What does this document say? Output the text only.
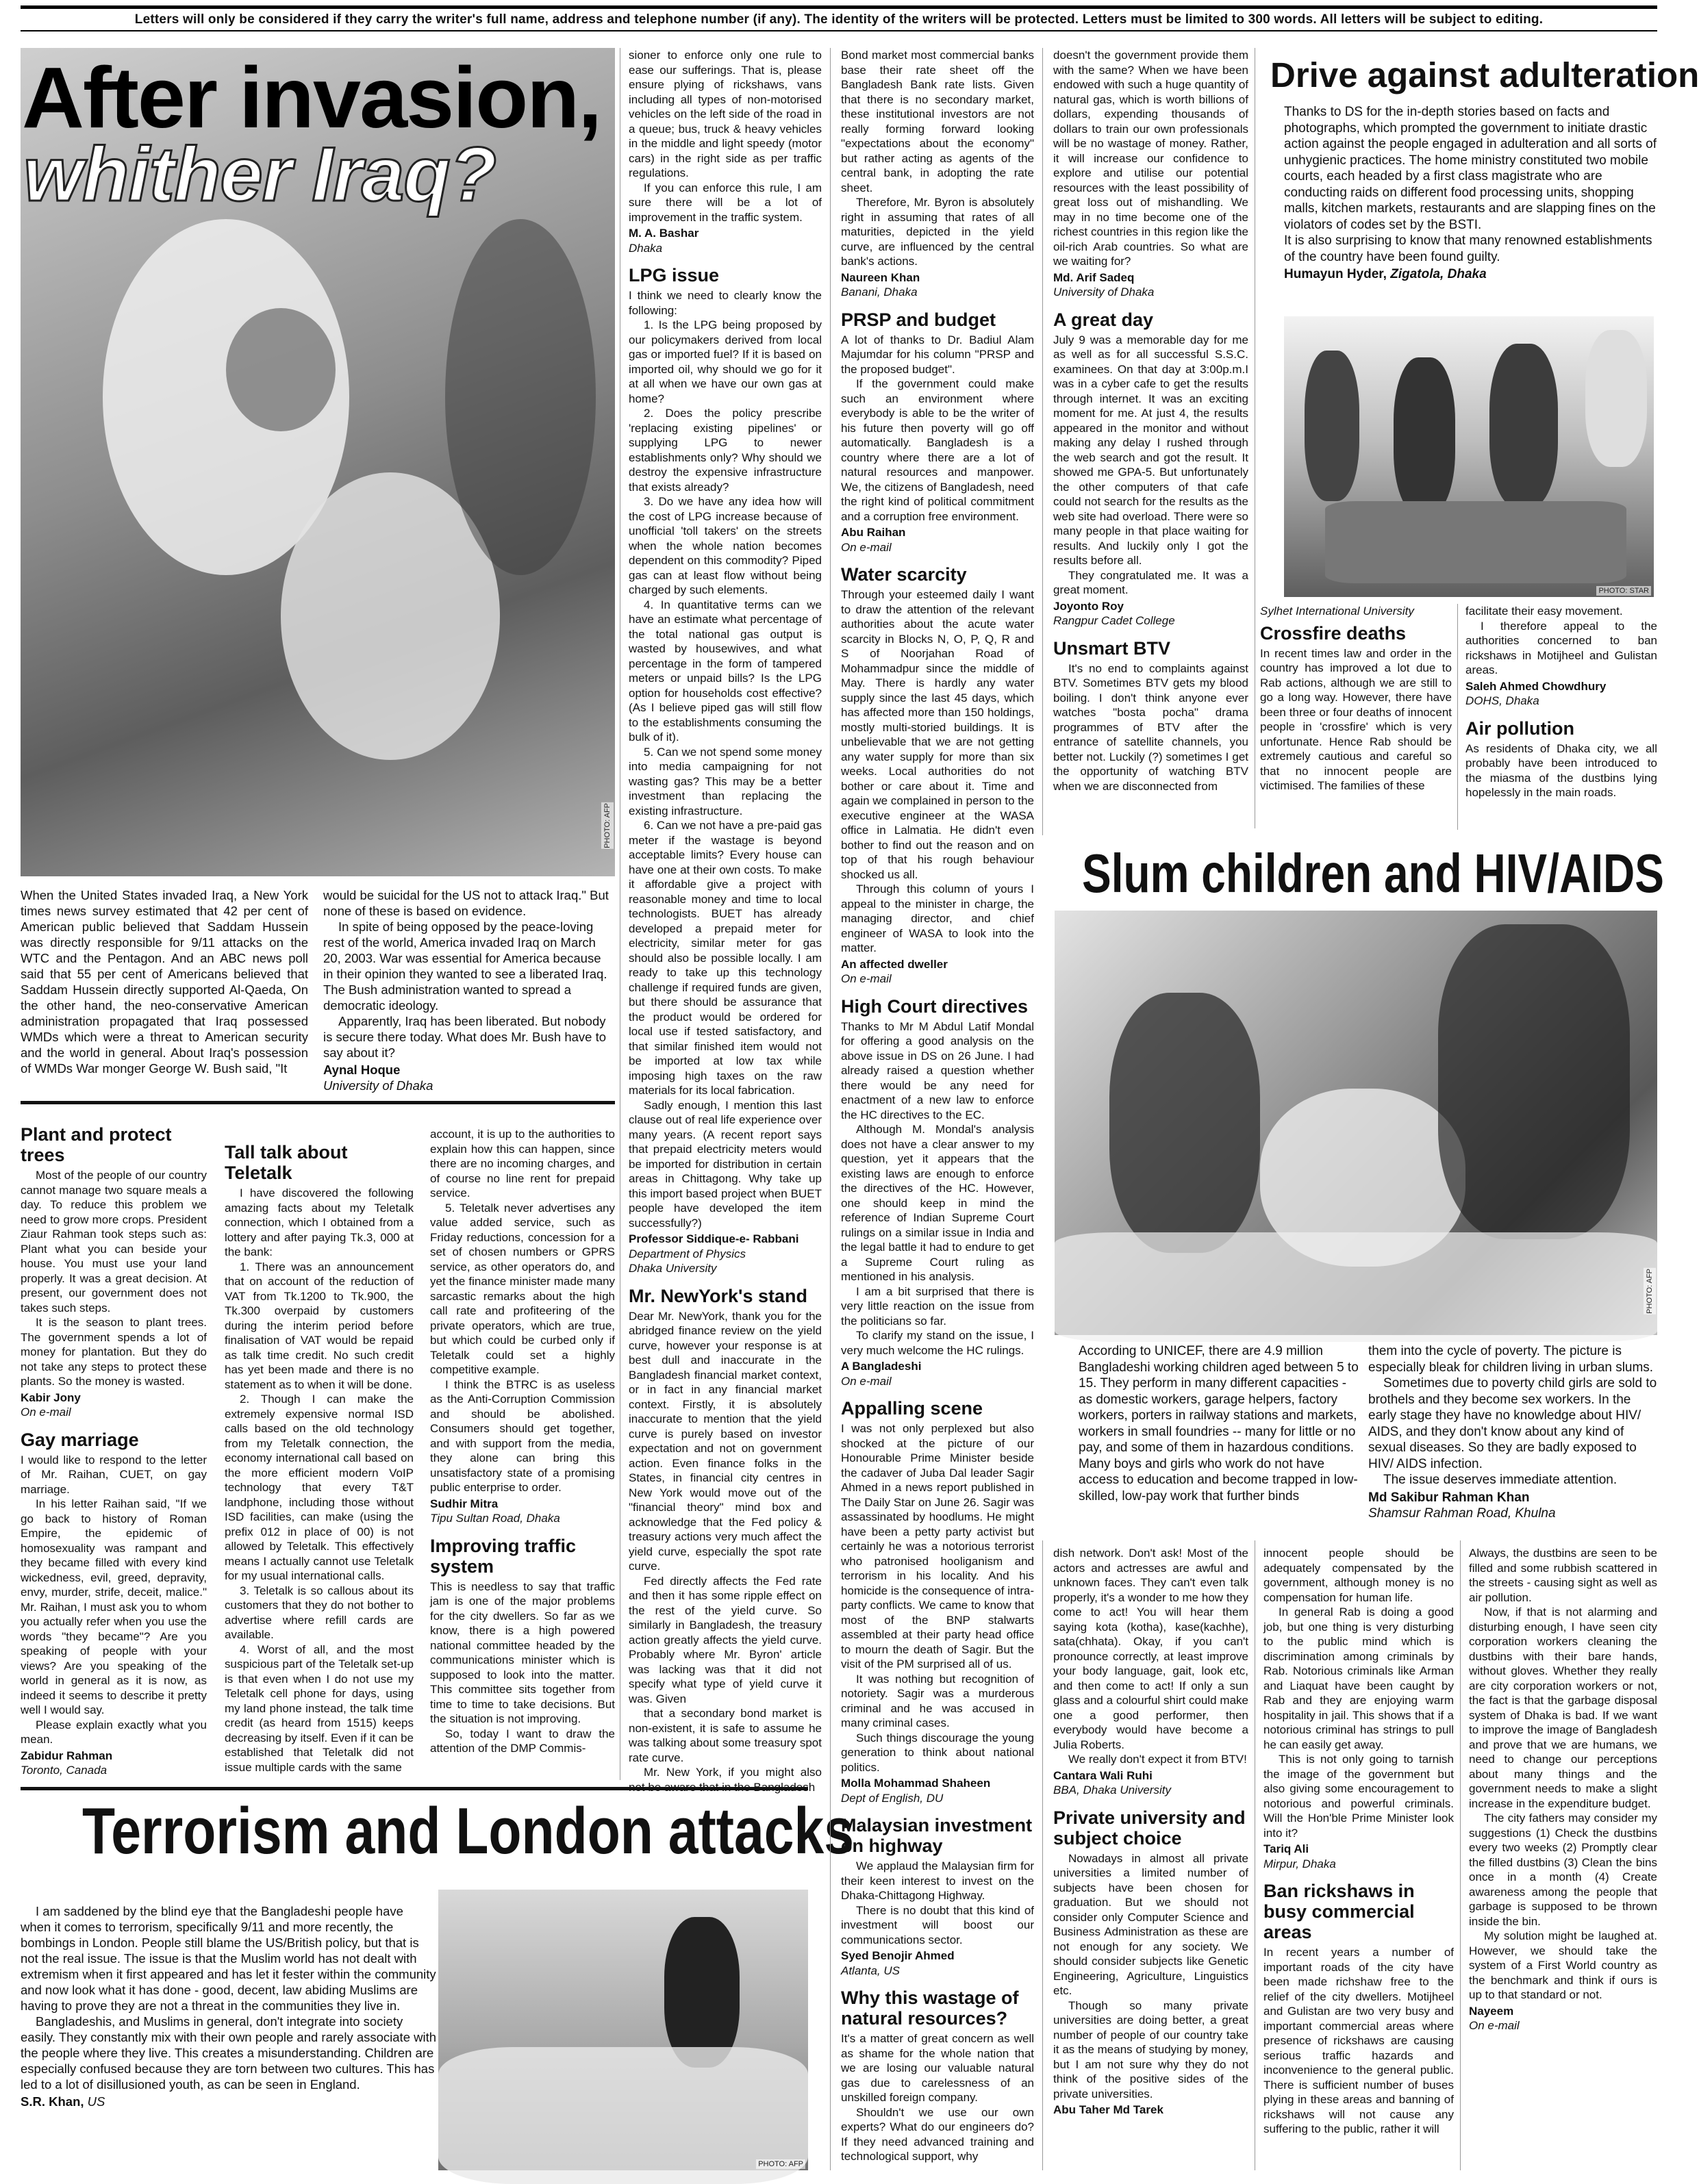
Letters will only be considered if they carry the writer's full name, address and telephone number (if any). The identity of the writers will be protected. Letters must be limited to 300 words. All letters will be subject to editing.
PHOTO: AFP
After invasion,
whither Iraq?

When the United States invaded Iraq, a New York times news survey estimated that 42 per cent of American public believed that Saddam Hussein was directly responsible for 9/11 attacks on the WTC and the Pentagon. And an ABC news poll said that 55 per cent of Americans believed that Saddam Hussein directly supported Al-Qaeda, On the other hand, the neo-conservative American administration propagated that Iraq possessed WMDs which were a threat to American security and the world in general. About Iraq's possession of WMDs War monger George W. Bush said, "It

would be suicidal for the US not to attack Iraq." But none of these is based on evidence.

In spite of being opposed by the peace-loving rest of the world, America invaded Iraq on March 20, 2003. War was essential for America because in their opinion they wanted to see a liberated Iraq. The Bush administration wanted to spread a democratic ideology.

Apparently, Iraq has been liberated. But nobody is secure there today. What does Mr. Bush have to say about it?

Aynal Hoque

University of Dhaka

Plant and protect trees

Most of the people of our country cannot manage two square meals a day. To reduce this problem we need to grow more crops. President Ziaur Rahman took steps such as: Plant what you can beside your house. You must use your land properly. It was a great decision. At present, our government does not takes such steps.

It is the season to plant trees. The government spends a lot of money for plantation. But they do not take any steps to protect these plants. So the money is wasted.

Kabir Jony

On e-mail

Gay marriage

I would like to respond to the letter of Mr. Raihan, CUET, on gay marriage.

In his letter Raihan said, "If we go back to history of Roman Empire, the epidemic of homosexuality was rampant and they became filled with every kind wickedness, evil, greed, depravity, envy, murder, strife, deceit, malice." Mr. Raihan, I must ask you to whom you actually refer when you use the words "they became"? Are you speaking of people with your views? Are you speaking of the world in general as it is now, as indeed it seems to describe it pretty well I would say.

Please explain exactly what you mean.

Zabidur Rahman

Toronto, Canada

Tall talk about Teletalk

I have discovered the following amazing facts about my Teletalk connection, which I obtained from a lottery and after paying Tk.3, 000 at the bank:

1. There was an announcement that on account of the reduction of VAT from Tk.1200 to Tk.900, the Tk.300 overpaid by customers during the interim period before finalisation of VAT would be repaid as talk time credit. No such credit has yet been made and there is no statement as to when it will be done.

2. Though I can make the extremely expensive normal ISD calls based on the old technology from my Teletalk connection, the economy international call based on the more efficient modern VoIP technology that every T&T landphone, including those without ISD facilities, can make (using the prefix 012 in place of 00) is not allowed by Teletalk. This effectively means I actually cannot use Teletalk for my usual international calls.

3. Teletalk is so callous about its customers that they do not bother to advertise where refill cards are available.

4. Worst of all, and the most suspicious part of the Teletalk set-up is that even when I do not use my Teletalk cell phone for days, using my land phone instead, the talk time credit (as heard from 1515) keeps decreasing by itself. Even if it can be established that Teletalk did not issue multiple cards with the same

account, it is up to the authorities to explain how this can happen, since there are no incoming charges, and of course no line rent for prepaid service.

5. Teletalk never advertises any value added service, such as Friday reductions, concession for a set of chosen numbers or GPRS service, as other operators do, and yet the finance minister made many sarcastic remarks about the high call rate and profiteering of the private operators, which are true, but which could be curbed only if Teletalk could set a highly competitive example.

I think the BTRC is as useless as the Anti-Corruption Commission and should be abolished. Consumers should get together, and with support from the media, they alone can bring this unsatisfactory state of a promising public enterprise to order.

Sudhir Mitra

Tipu Sultan Road, Dhaka

Improving traffic system

This is needless to say that traffic jam is one of the major problems for the city dwellers. So far as we know, there is a high powered national committee headed by the communications minister which is supposed to look into the matter. This committee sits together from time to time to take decisions. But the situation is not improving.

So, today I want to draw the attention of the DMP Commis-

Terrorism and London attacks

I am saddened by the blind eye that the Bangladeshi people have when it comes to terrorism, specifically 9/11 and more recently, the bombings in London. People still blame the US/British policy, but that is not the real issue. The issue is that the Muslim world has not dealt with extremism when it first appeared and has let it fester within the community and now look what it has done - good, decent, law abiding Muslims are having to prove they are not a threat in the communities they live in.

Bangladeshis, and Muslims in general, don't integrate into society easily. They constantly mix with their own people and rarely associate with the people where they live. This creates a misunderstanding. Children are especially confused because they are torn between two cultures. This has led to a lot of disillusioned youth, as can be seen in England.

S.R. Khan, US

PHOTO: AFP

sioner to enforce only one rule to ease our sufferings. That is, please ensure plying of rickshaws, vans including all types of non-motorised vehicles on the left side of the road in a queue; bus, truck & heavy vehicles in the middle and light speedy (motor cars) in the right side as per traffic regulations.

If you can enforce this rule, I am sure there will be a lot of improvement in the traffic system.

M. A. Bashar

Dhaka

LPG issue

I think we need to clearly know the following:

1. Is the LPG being proposed by our policymakers derived from local gas or imported fuel? If it is based on imported oil, why should we go for it at all when we have our own gas at home?

2. Does the policy prescribe 'replacing existing pipelines' or supplying LPG to newer establishments only? Why should we destroy the expensive infrastructure that exists already?

3. Do we have any idea how will the cost of LPG increase because of unofficial 'toll takers' on the streets when the whole nation becomes dependent on this commodity? Piped gas can at least flow without being charged by such elements.

4. In quantitative terms can we have an estimate what percentage of the total national gas output is wasted by housewives, and what percentage in the form of tampered meters or unpaid bills? Is the LPG option for households cost effective? (As I believe piped gas will still flow to the establishments consuming the bulk of it).

5. Can we not spend some money into media campaigning for not wasting gas? This may be a better investment than replacing the existing infrastructure.

6. Can we not have a pre-paid gas meter if the wastage is beyond acceptable limits? Every house can have one at their own costs. To make it affordable give a project with reasonable money and time to local technologists. BUET has already developed a prepaid meter for electricity, similar meter for gas should also be possible locally. I am ready to take up this technology challenge if required funds are given, but there should be assurance that the product would be ordered for local use if tested satisfactory, and that similar finished item would not be imported at low tax while imposing high taxes on the raw materials for its local fabrication.

Sadly enough, I mention this last clause out of real life experience over many years. (A recent report says that prepaid electricity meters would be imported for distribution in certain areas in Chittagong. Why take up this import based project when BUET people have developed the item successfully?)

Professor Siddique-e- Rabbani

Department of Physics

Dhaka University

Mr. NewYork's stand

Dear Mr. NewYork, thank you for the abridged finance review on the yield curve, however your response is at best dull and inaccurate in the Bangladesh financial market context, or in fact in any financial market context. Firstly, it is absolutely inaccurate to mention that the yield curve is purely based on investor expectation and not on government action. Even finance folks in the States, in financial city centres in New York would move out of the "financial theory" mind box and acknowledge that the Fed policy & treasury actions very much affect the yield curve, especially the spot rate curve.

Fed directly affects the Fed rate and then it has some ripple effect on the rest of the yield curve. So similarly in Bangladesh, the treasury action greatly affects the yield curve. Probably where Mr. Byron' article was lacking was that it did not specify what type of yield curve it was. Given

that a secondary bond market is non-existent, it is safe to assume he was talking about some treasury spot rate curve.

Mr. New York, if you might also not be aware that in the Bangladesh

Bond market most commercial banks base their rate sheet off the Bangladesh Bank rate lists. Given that there is no secondary market, these institutional investors are not really forming forward looking "expectations about the economy" but rather acting as agents of the central bank, in adopting the rate sheet.

Therefore, Mr. Byron is absolutely right in assuming that rates of all maturities, depicted in the yield curve, are influenced by the central bank's actions.

Naureen Khan

Banani, Dhaka

PRSP and budget

A lot of thanks to Dr. Badiul Alam Majumdar for his column "PRSP and the proposed budget".

If the government could make such an environment where everybody is able to be the writer of his future then poverty will go off automatically. Bangladesh is a country where there are a lot of natural resources and manpower. We, the citizens of Bangladesh, need the right kind of political commitment and a corruption free environment.

Abu Raihan

On e-mail

Water scarcity

Through your esteemed daily I want to draw the attention of the relevant authorities about the acute water scarcity in Blocks N, O, P, Q, R and S of Noorjahan Road of Mohammadpur since the middle of May. There is hardly any water supply since the last 45 days, which has affected more than 150 holdings, mostly multi-storied buildings. It is unbelievable that we are not getting any water supply for more than six weeks. Local authorities do not bother or care about it. Time and again we complained in person to the executive engineer at the WASA office in Lalmatia. He didn't even bother to find out the reason and on top of that his rough behaviour shocked us all.

Through this column of yours I appeal to the minister in charge, the managing director, and chief engineer of WASA to look into the matter.

An affected dweller

On e-mail

High Court directives

Thanks to Mr M Abdul Latif Mondal for offering a good analysis on the above issue in DS on 26 June. I had already raised a question whether there would be any need for enactment of a new law to enforce the HC directives to the EC.

Although M. Mondal's analysis does not have a clear answer to my question, yet it appears that the existing laws are enough to enforce the directives of the HC. However, one should keep in mind the reference of Indian Supreme Court rulings on a similar issue in India and the legal battle it had to endure to get a Supreme Court ruling as mentioned in his analysis.

I am a bit surprised that there is very little reaction on the issue from the politicians so far.

To clarify my stand on the issue, I very much welcome the HC rulings.

A Bangladeshi

On e-mail

Appalling scene

I was not only perplexed but also shocked at the picture of our Honourable Prime Minister beside the cadaver of Juba Dal leader Sagir Ahmed in a news report published in The Daily Star on June 26. Sagir was assassinated by hoodlums. He might have been a petty party activist but certainly he was a notorious terrorist who patronised hooliganism and terrorism in his locality. And his homicide is the consequence of intra-party conflicts. We came to know that most of the BNP stalwarts assembled at their party head office to mourn the death of Sagir. But the visit of the PM surprised all of us.

It was nothing but recognition of notoriety. Sagir was a murderous criminal and he was accused in many criminal cases.

Such things discourage the young generation to think about national politics.

Molla Mohammad Shaheen

Dept of English, DU

Malaysian investment on highway

We applaud the Malaysian firm for their keen interest to invest on the Dhaka-Chittagong Highway.

There is no doubt that this kind of investment will boost our communications sector.

Syed Benojir Ahmed

Atlanta, US

Why this wastage of natural resources?

It's a matter of great concern as well as shame for the whole nation that we are losing our valuable natural gas due to carelessness of an unskilled foreign company.

Shouldn't we use our own experts? What do our engineers do? If they need advanced training and technological support, why

doesn't the government provide them with the same? When we have been endowed with such a huge quantity of natural gas, which is worth billions of dollars, expending thousands of dollars to train our own professionals will be no wastage of money. Rather, it will increase our confidence to explore and utilise our potential resources with the least possibility of great loss out of mishandling. We may in no time become one of the richest countries in this region like the oil-rich Arab countries. So what are we waiting for?

Md. Arif Sadeq

University of Dhaka

A great day

July 9 was a memorable day for me as well as for all successful S.S.C. examinees. On that day at 3:00p.m.I was in a cyber cafe to get the results through internet. It was an exciting moment for me. At just 4, the results appeared in the monitor and without making any delay I rushed through the web search and got the result. It showed me GPA-5. But unfortunately the other computers of that cafe could not search for the results as the web site had overload. There were so many people in that place waiting for results. And luckily only I got the results before all.

They congratulated me. It was a great moment.

Joyonto Roy

Rangpur Cadet College

Unsmart BTV

It's no end to complaints against BTV. Sometimes BTV gets my blood boiling. I don't think anyone ever watches "bosta pocha" drama programmes of BTV after the entrance of satellite channels, you better not. Luckily (?) sometimes I get the opportunity of watching BTV when we are disconnected from

Drive against adulteration

Thanks to DS for the in-depth stories based on facts and photographs, which prompted the government to initiate drastic action against the people engaged in adulteration and all sorts of unhygienic practices. The home ministry constituted two mobile courts, each headed by a first class magistrate who are conducting raids on different food processing units, shopping malls, kitchen markets, restaurants and are slapping fines on the violators of codes set by the BSTI.

It is also surprising to know that many renowned establishments of the country have been found guilty.

Humayun Hyder, Zigatola, Dhaka

PHOTO: STAR

Sylhet International University

Crossfire deaths

In recent times law and order in the country has improved a lot due to Rab actions, although we are still to go a long way. However, there have been three or four deaths of innocent people in 'crossfire' which is very unfortunate. Hence Rab should be extremely cautious and careful so that no innocent people are victimised. The families of these

facilitate their easy movement.

I therefore appeal to the authorities concerned to ban rickshaws in Motijheel and Gulistan areas.

Saleh Ahmed Chowdhury

DOHS, Dhaka

Air pollution

As residents of Dhaka city, we all probably have been introduced to the miasma of the dustbins lying hopelessly in the main roads.

Slum children and HIV/AIDS
PHOTO: AFP

According to UNICEF, there are 4.9 million Bangladeshi working children aged between 5 to 15. They perform in many different capacities - as domestic workers, garage helpers, factory workers, porters in railway stations and markets, workers in small foundries -- many for little or no pay, and some of them in hazardous conditions. Many boys and girls who work do not have access to education and become trapped in low-skilled, low-pay work that further binds

them into the cycle of poverty. The picture is especially bleak for children living in urban slums.

Sometimes due to poverty child girls are sold to brothels and they become sex workers. In the early stage they have no knowledge about HIV/ AIDS, and they don't know about any kind of sexual diseases. So they are badly exposed to HIV/ AIDS infection.

The issue deserves immediate attention.

Md Sakibur Rahman Khan

Shamsur Rahman Road, Khulna

dish network. Don't ask! Most of the actors and actresses are awful and unknown faces. They can't even talk properly, it's a wonder to me how they come to act! You will hear them saying kota (kotha), kase(kachhe), sata(chhata). Okay, if you can't pronounce correctly, at least improve your body language, gait, look etc, and then come to act! If only a sun glass and a colourful shirt could make one a good performer, then everybody would have become a Julia Roberts.

We really don't expect it from BTV!

Cantara Wali Ruhi

BBA, Dhaka University

Private university and subject choice

Nowadays in almost all private universities a limited number of subjects have been chosen for graduation. But we should not consider only Computer Science and Business Administration as these are not enough for any society. We should consider subjects like Genetic Engineering, Agriculture, Linguistics etc.

Though so many private universities are doing better, a great number of people of our country take it as the means of studying by money, but I am not sure why they do not think of the positive sides of the private universities.

Abu Taher Md Tarek

innocent people should be adequately compensated by the government, although money is no compensation for human life.

In general Rab is doing a good job, but one thing is very disturbing to the public mind which is discrimination among criminals by Rab. Notorious criminals like Arman and Liaquat have been caught by Rab and they are enjoying warm hospitality in jail. This shows that if a notorious criminal has strings to pull he can easily get away.

This is not only going to tarnish the image of the government but also giving some encouragement to notorious and powerful criminals. Will the Hon'ble Prime Minister look into it?

Tariq Ali

Mirpur, Dhaka

Ban rickshaws in busy commercial areas

In recent years a number of important roads of the city have been made richshaw free to the relief of the city dwellers. Motijheel and Gulistan are two very busy and important commercial areas where presence of rickshaws are causing serious traffic hazards and inconvenience to the general public. There is sufficient number of buses plying in these areas and banning of rickshaws will not cause any suffering to the public, rather it will

Always, the dustbins are seen to be filled and some rubbish scattered in the streets - causing sight as well as air pollution.

Now, if that is not alarming and disturbing enough, I have seen city corporation workers cleaning the dustbins with their bare hands, without gloves. Whether they really are city corporation workers or not, the fact is that the garbage disposal system of Dhaka is bad. If we want to improve the image of Bangladesh and prove that we are humans, we need to change our perceptions about many things and the government needs to make a slight increase in the expenditure budget.

The city fathers may consider my suggestions (1) Check the dustbins every two weeks (2) Promptly clear the filled dustbins (3) Clean the bins once in a month (4) Create awareness among the people that garbage is supposed to be thrown inside the bin.

My solution might be laughed at. However, we should take the system of a First World country as the benchmark and think if ours is up to that standard or not.

Nayeem

On e-mail
